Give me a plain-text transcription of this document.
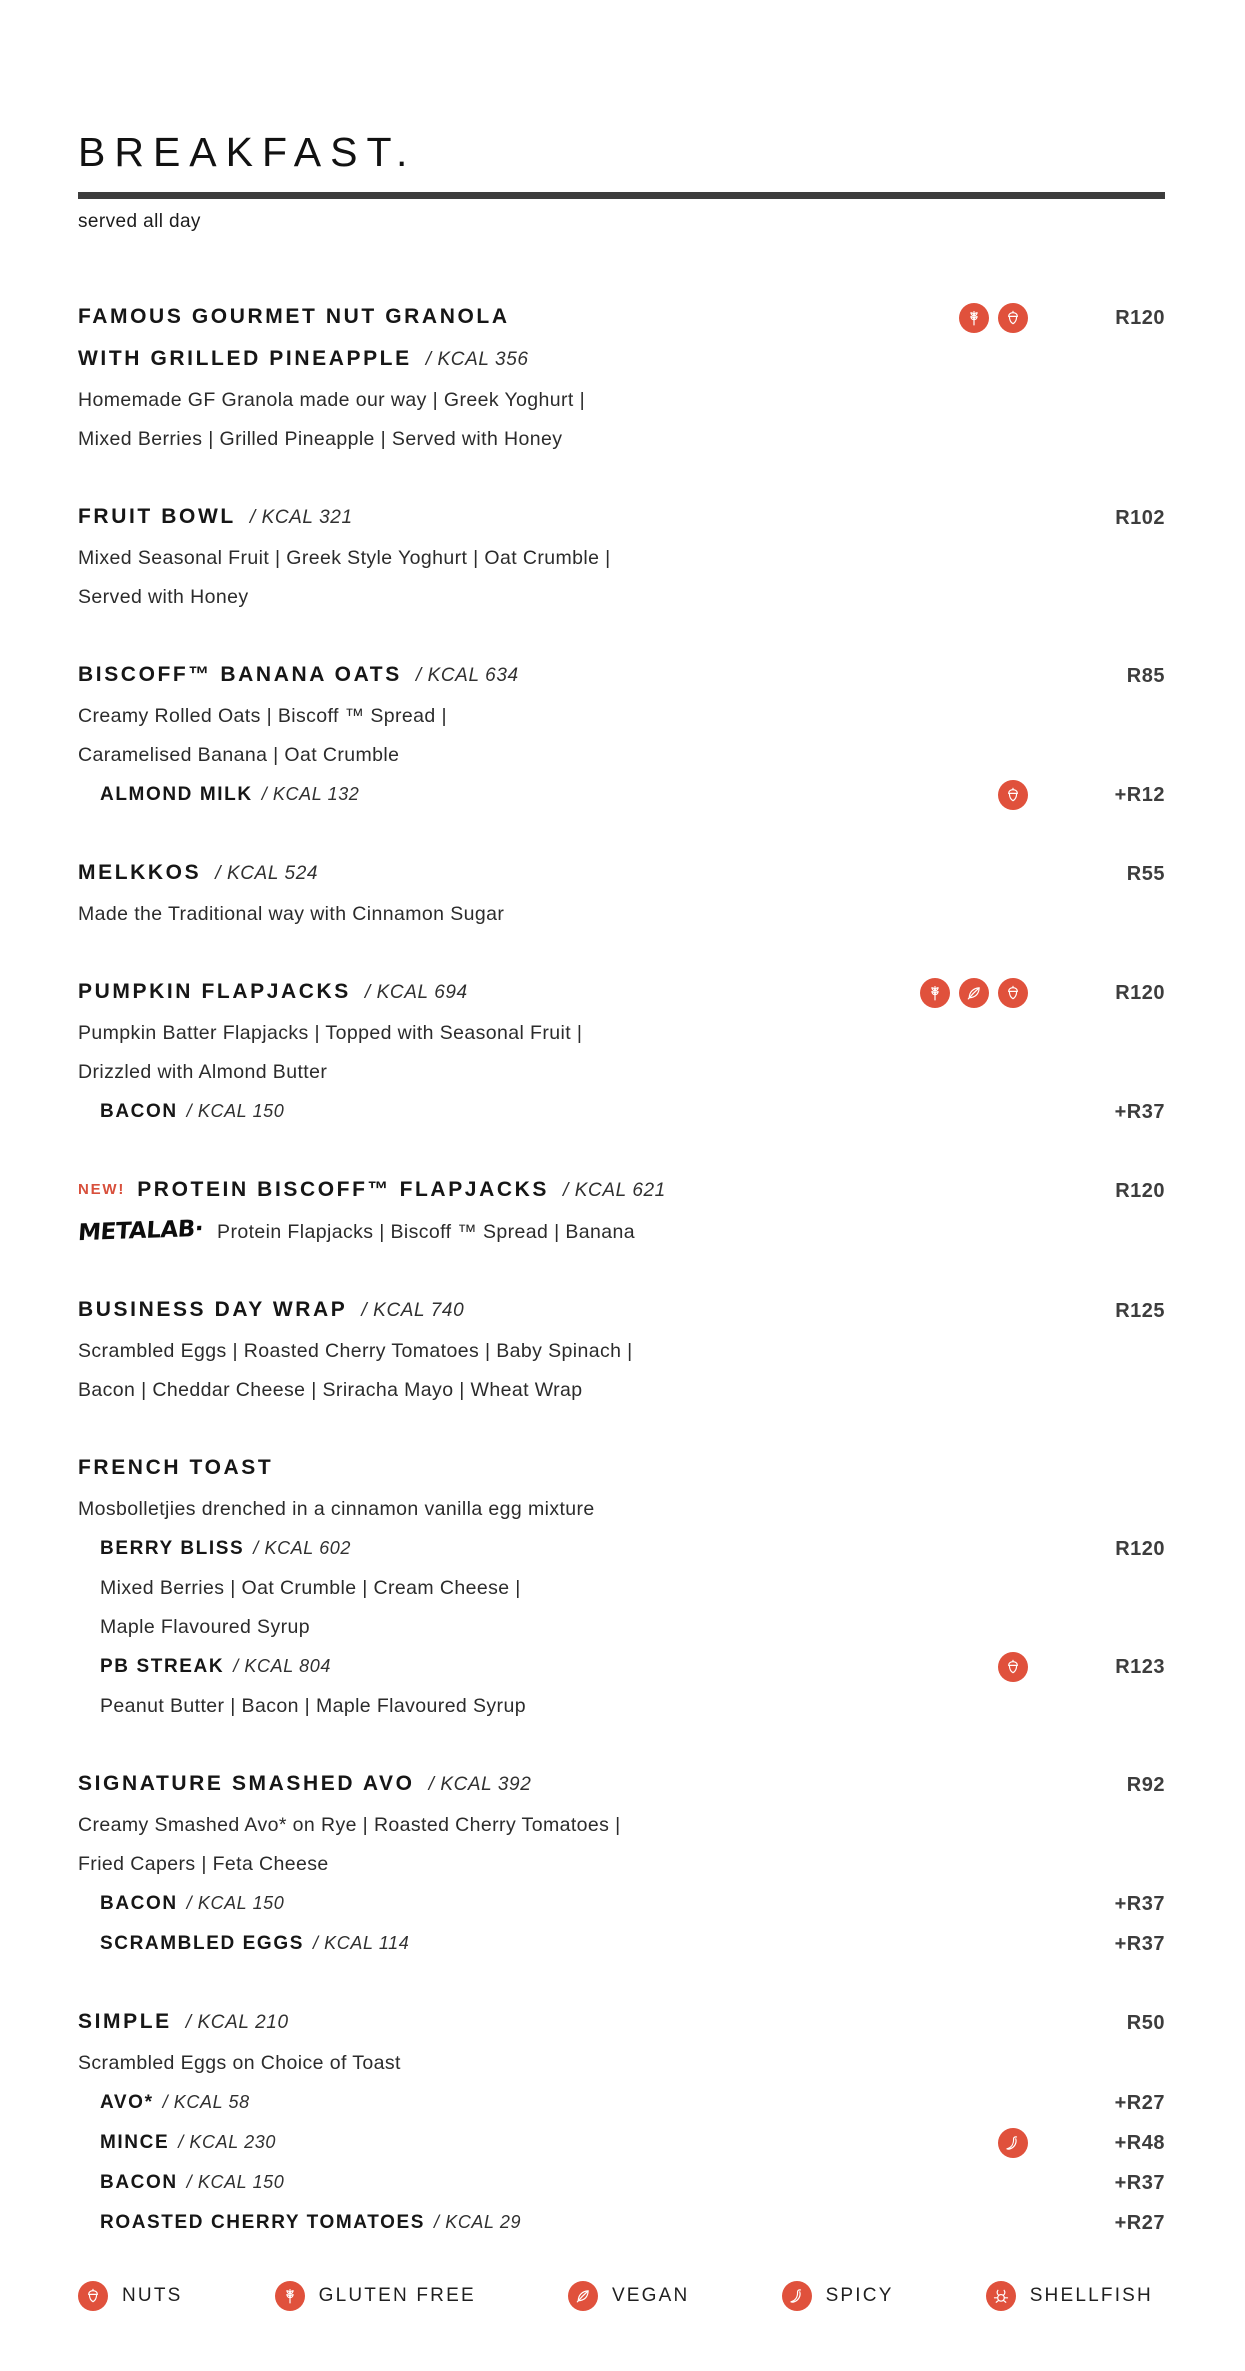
BREAKFAST.
served all day
FAMOUS GOURMET NUT GRANOLA	R120
WITH GRILLED PINEAPPLE / KCAL 356
Homemade GF Granola made our way | Greek Yoghurt |
Mixed Berries | Grilled Pineapple | Served with Honey
FRUIT BOWL / KCAL 321	R102
Mixed Seasonal Fruit | Greek Style Yoghurt | Oat Crumble |
Served with Honey
BISCOFF™ BANANA OATS / KCAL 634	R85
Creamy Rolled Oats | Biscoff ™ Spread |
Caramelised Banana | Oat Crumble
ALMOND MILK / KCAL 132	+R12
MELKKOS / KCAL 524	R55
Made the Traditional way with Cinnamon Sugar
PUMPKIN FLAPJACKS / KCAL 694	R120
Pumpkin Batter Flapjacks | Topped with Seasonal Fruit |
Drizzled with Almond Butter
BACON / KCAL 150	+R37
NEW! PROTEIN BISCOFF™ FLAPJACKS / KCAL 621	R120
METALAB· Protein Flapjacks | Biscoff ™ Spread | Banana
BUSINESS DAY WRAP / KCAL 740	R125
Scrambled Eggs | Roasted Cherry Tomatoes | Baby Spinach |
Bacon | Cheddar Cheese | Sriracha Mayo | Wheat Wrap
FRENCH TOAST
Mosbolletjies drenched in a cinnamon vanilla egg mixture
BERRY BLISS / KCAL 602	R120
Mixed Berries | Oat Crumble | Cream Cheese |
Maple Flavoured Syrup
PB STREAK / KCAL 804	R123
Peanut Butter | Bacon | Maple Flavoured Syrup
SIGNATURE SMASHED AVO / KCAL 392	R92
Creamy Smashed Avo* on Rye | Roasted Cherry Tomatoes |
Fried Capers | Feta Cheese
BACON / KCAL 150	+R37
SCRAMBLED EGGS / KCAL 114	+R37
SIMPLE / KCAL 210	R50
Scrambled Eggs on Choice of Toast
AVO* / KCAL 58	+R27
MINCE / KCAL 230	+R48
BACON / KCAL 150	+R37
ROASTED CHERRY TOMATOES / KCAL 29	+R27
NUTS	GLUTEN FREE	VEGAN	SPICY	SHELLFISH
